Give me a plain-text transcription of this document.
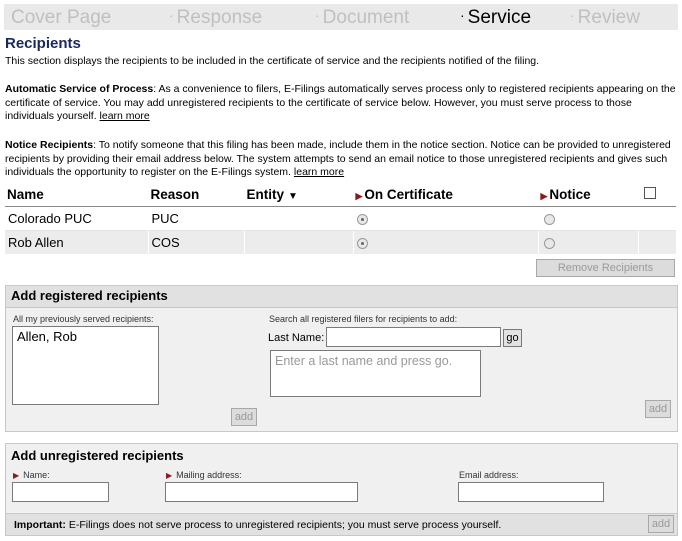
Cover Page	· Response	· Document	· Service	· Review
Recipients
This section displays the recipients to be included in the certificate of service and the recipients notified of the filing.
Automatic Service of Process: As a convenience to filers, E-Filings automatically serves process only to registered recipients appearing on the certificate of service. You may add unregistered recipients to the certificate of service below. However, you must serve process to those individuals yourself. learn more
Notice Recipients: To notify someone that this filing has been made, include them in the notice section. Notice can be provided to unregistered recipients by providing their email address below. The system attempts to send an email notice to those unregistered recipients and gives such individuals the opportunity to register on the E-Filings system. learn more
Name	Reason	Entity ▼	▶ On Certificate	▶ Notice	

Colorado PUC	PUC				
Rob Allen	COS				
Remove Recipients
Add registered recipients
All my previously served recipients:
Allen, Rob
add
Search all registered filers for recipients to add:
Last Name:	go
Enter a last name and press go.
add
Add unregistered recipients
▶ Name:	▶ Mailing address:	Email address:
Important: E-Filings does not serve process to unregistered recipients; you must serve process yourself.	add
